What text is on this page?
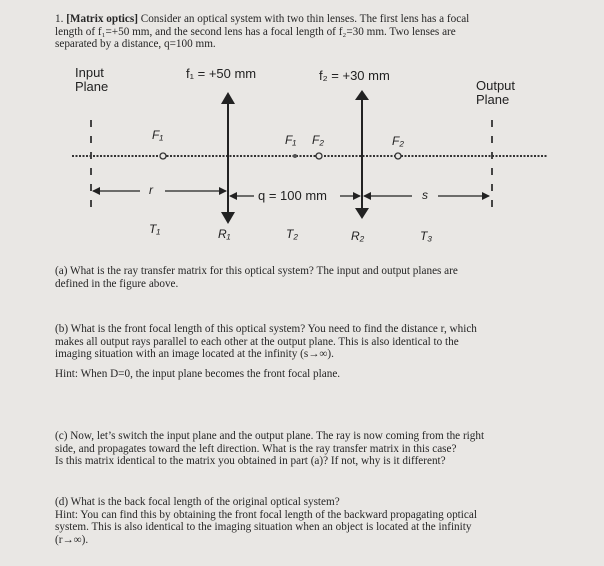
1. [Matrix optics] Consider an optical system with two thin lenses. The first lens has a focal
length of f₁=+50 mm, and the second lens has a focal length of f₂=30 mm. Two lenses are
separated by a distance, q=100 mm.
Input
Plane	Output
Plane
f₁ = +50 mm	f₂ = +30 mm
F₁	F₁ F₂	F₂
r	q = 100 mm	s
T₁	R₁	T₂	R₂	T₃
(a) What is the ray transfer matrix for this optical system? The input and output planes are
defined in the figure above.
(b) What is the front focal length of this optical system? You need to find the distance r, which
makes all output rays parallel to each other at the output plane. This is also identical to the
imaging situation with an image located at the infinity (s→∞).
Hint: When D=0, the input plane becomes the front focal plane.
(c) Now, let’s switch the input plane and the output plane. The ray is now coming from the right
side, and propagates toward the left direction. What is the ray transfer matrix in this case?
Is this matrix identical to the matrix you obtained in part (a)? If not, why is it different?
(d) What is the back focal length of the original optical system?
Hint: You can find this by obtaining the front focal length of the backward propagating optical
system. This is also identical to the imaging situation when an object is located at the infinity
(r→∞).
